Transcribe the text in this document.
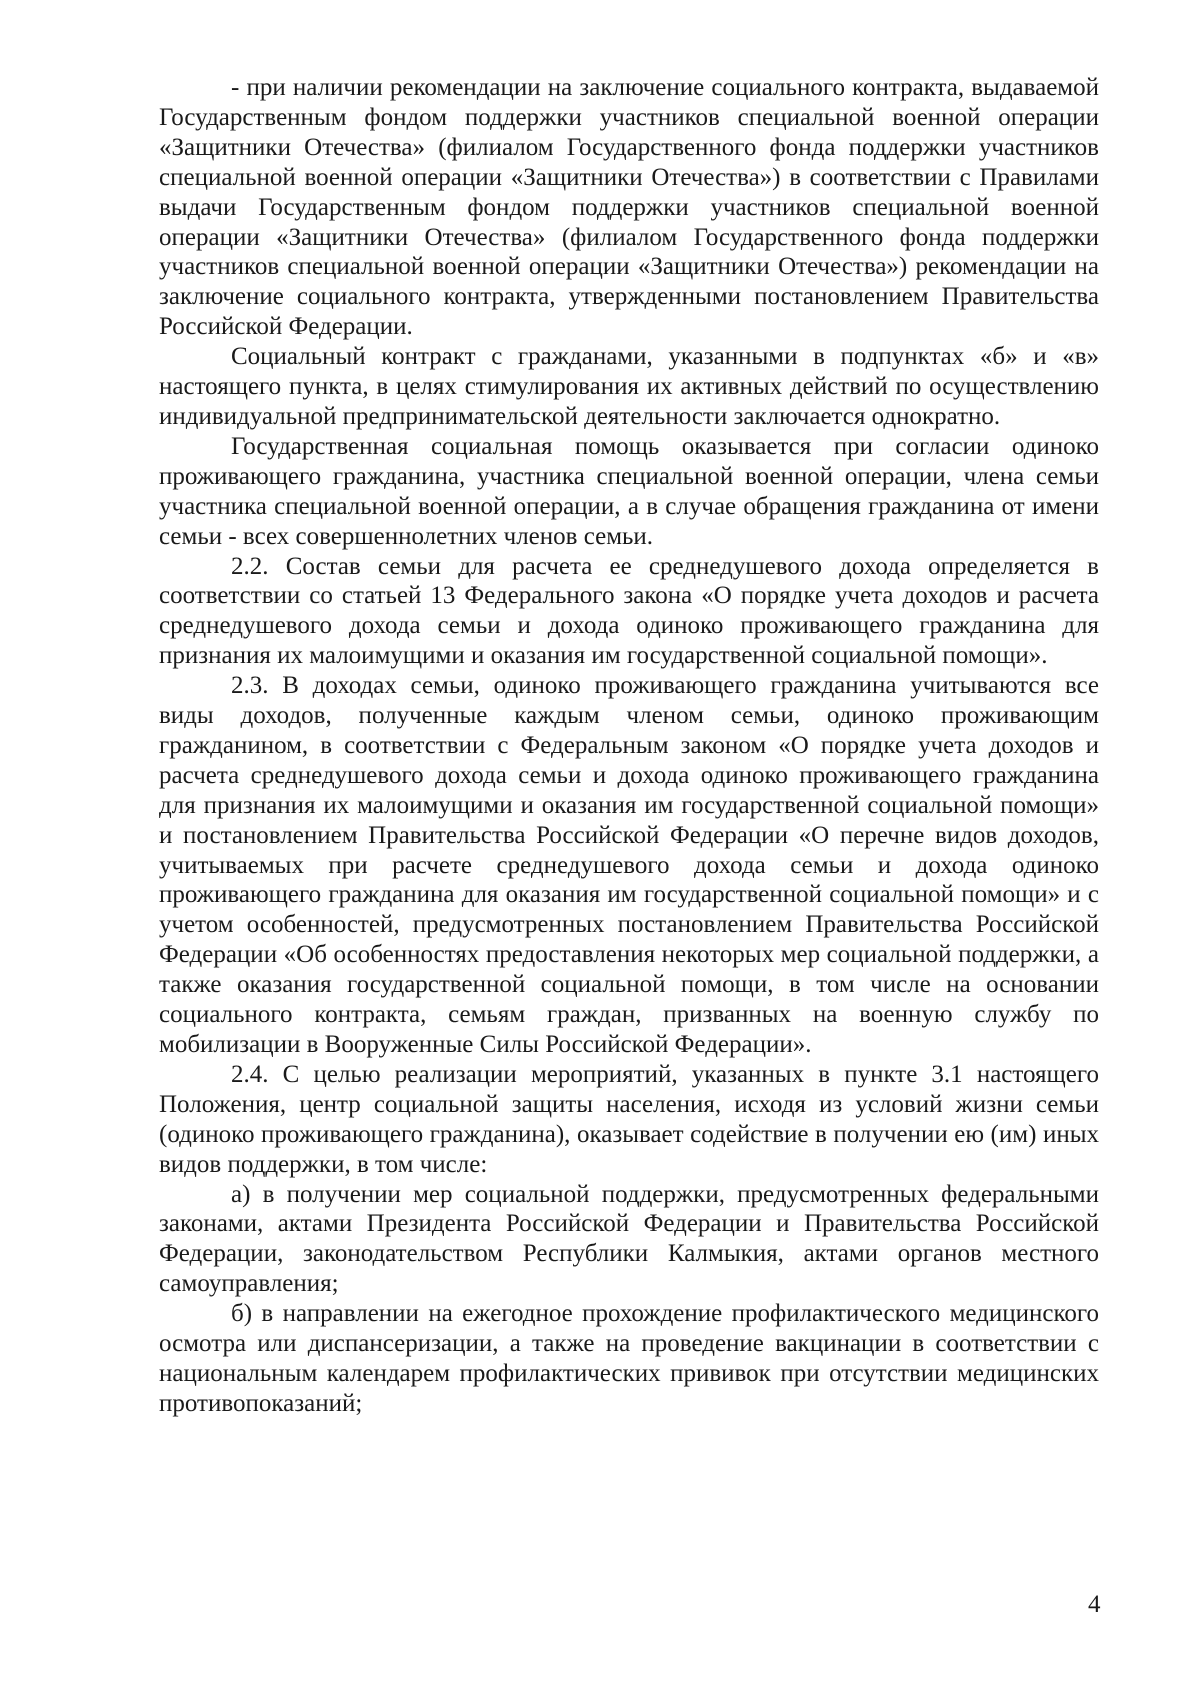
- при наличии рекомендации на заключение социального контракта, выдаваемой Государственным фондом поддержки участников специальной военной операции «Защитники Отечества» (филиалом Государственного фонда поддержки участников специальной военной операции «Защитники Отечества») в соответствии с Правилами выдачи Государственным фондом поддержки участников специальной военной операции «Защитники Отечества» (филиалом Государственного фонда поддержки участников специальной военной операции «Защитники Отечества») рекомендации на заключение социального контракта, утвержденными постановлением Правительства Российской Федерации.

Социальный контракт с гражданами, указанными в подпунктах «б» и «в» настоящего пункта, в целях стимулирования их активных действий по осуществлению индивидуальной предпринимательской деятельности заключается однократно.

Государственная социальная помощь оказывается при согласии одиноко проживающего гражданина, участника специальной военной операции, члена семьи участника специальной военной операции, а в случае обращения гражданина от имени семьи - всех совершеннолетних членов семьи.

2.2. Состав семьи для расчета ее среднедушевого дохода определяется в соответствии со статьей 13 Федерального закона «О порядке учета доходов и расчета среднедушевого дохода семьи и дохода одиноко проживающего гражданина для признания их малоимущими и оказания им государственной социальной помощи».

2.3. В доходах семьи, одиноко проживающего гражданина учитываются все виды доходов, полученные каждым членом семьи, одиноко проживающим гражданином, в соответствии с Федеральным законом «О порядке учета доходов и расчета среднедушевого дохода семьи и дохода одиноко проживающего гражданина для признания их малоимущими и оказания им государственной социальной помощи» и постановлением Правительства Российской Федерации «О перечне видов доходов, учитываемых при расчете среднедушевого дохода семьи и дохода одиноко проживающего гражданина для оказания им государственной социальной помощи» и с учетом особенностей, предусмотренных постановлением Правительства Российской Федерации «Об особенностях предоставления некоторых мер социальной поддержки, а также оказания государственной социальной помощи, в том числе на основании социального контракта, семьям граждан, призванных на военную службу по мобилизации в Вооруженные Силы Российской Федерации».

2.4. С целью реализации мероприятий, указанных в пункте 3.1 настоящего Положения, центр социальной защиты населения, исходя из условий жизни семьи (одиноко проживающего гражданина), оказывает содействие в получении ею (им) иных видов поддержки, в том числе:

а) в получении мер социальной поддержки, предусмотренных федеральными законами, актами Президента Российской Федерации и Правительства Российской Федерации, законодательством Республики Калмыкия, актами органов местного самоуправления;

б) в направлении на ежегодное прохождение профилактического медицинского осмотра или диспансеризации, а также на проведение вакцинации в соответствии с национальным календарем профилактических прививок при отсутствии медицинских противопоказаний;

4
